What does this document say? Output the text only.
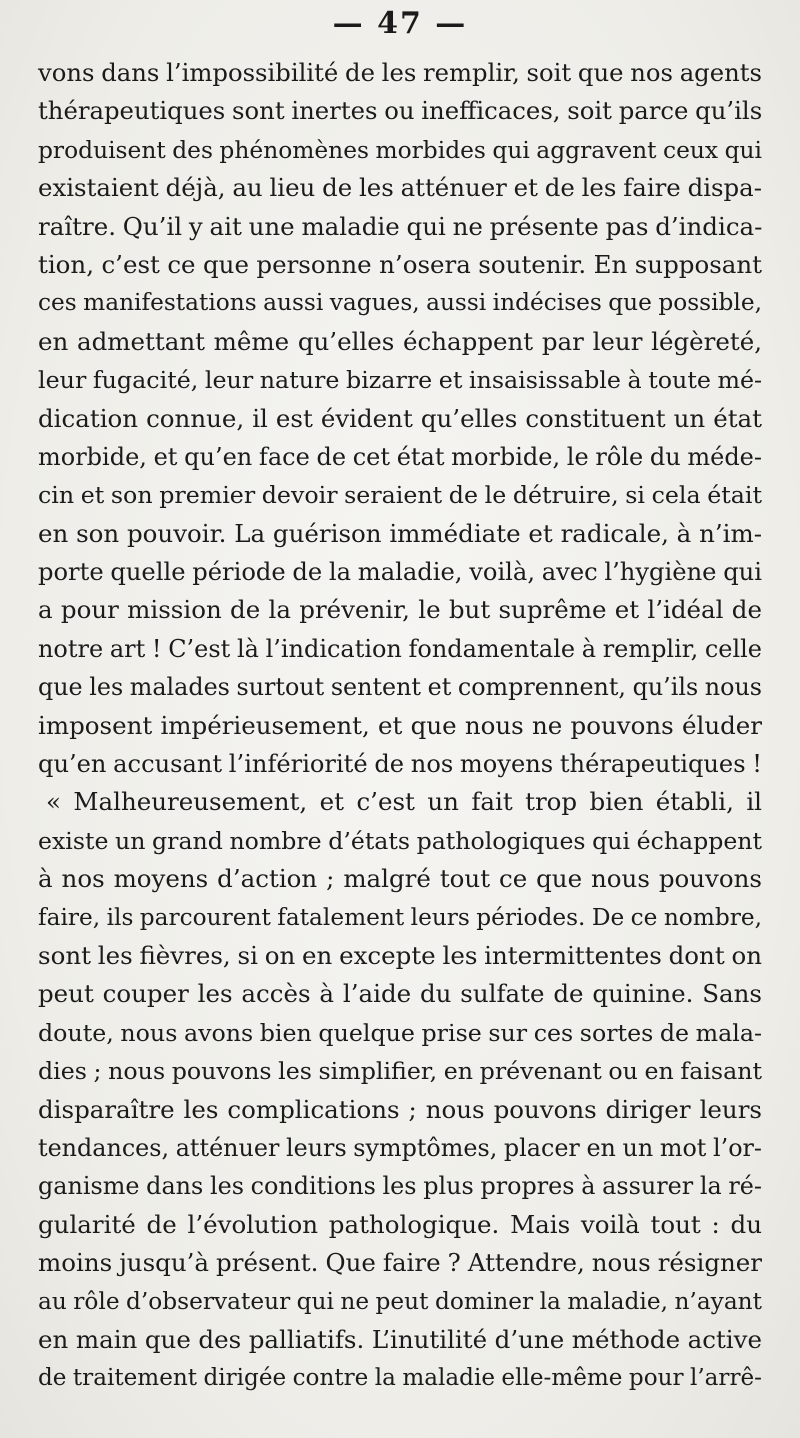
— 47 —
vons dans l’impossibilité de les remplir, soit que nos agents
thérapeutiques sont inertes ou inefficaces, soit parce qu’ils
produisent des phénomènes morbides qui aggravent ceux qui
existaient déjà, au lieu de les atténuer et de les faire dispa-
raître. Qu’il y ait une maladie qui ne présente pas d’indica-
tion, c’est ce que personne n’osera soutenir. En supposant
ces manifestations aussi vagues, aussi indécises que possible,
en admettant même qu’elles échappent par leur légèreté,
leur fugacité, leur nature bizarre et insaisissable à toute mé-
dication connue, il est évident qu’elles constituent un état
morbide, et qu’en face de cet état morbide, le rôle du méde-
cin et son premier devoir seraient de le détruire, si cela était
en son pouvoir. La guérison immédiate et radicale, à n’im-
porte quelle période de la maladie, voilà, avec l’hygiène qui
a pour mission de la prévenir, le but suprême et l’idéal de
notre art ! C’est là l’indication fondamentale à remplir, celle
que les malades surtout sentent et comprennent, qu’ils nous
imposent impérieusement, et que nous ne pouvons éluder
qu’en accusant l’infériorité de nos moyens thérapeutiques !
« Malheureusement, et c’est un fait trop bien établi, il
existe un grand nombre d’états pathologiques qui échappent
à nos moyens d’action ; malgré tout ce que nous pouvons
faire, ils parcourent fatalement leurs périodes. De ce nombre,
sont les fièvres, si on en excepte les intermittentes dont on
peut couper les accès à l’aide du sulfate de quinine. Sans
doute, nous avons bien quelque prise sur ces sortes de mala-
dies ; nous pouvons les simplifier, en prévenant ou en faisant
disparaître les complications ; nous pouvons diriger leurs
tendances, atténuer leurs symptômes, placer en un mot l’or-
ganisme dans les conditions les plus propres à assurer la ré-
gularité de l’évolution pathologique. Mais voilà tout : du
moins jusqu’à présent. Que faire ? Attendre, nous résigner
au rôle d’observateur qui ne peut dominer la maladie, n’ayant
en main que des palliatifs. L’inutilité d’une méthode active
de traitement dirigée contre la maladie elle-même pour l’arrê-
